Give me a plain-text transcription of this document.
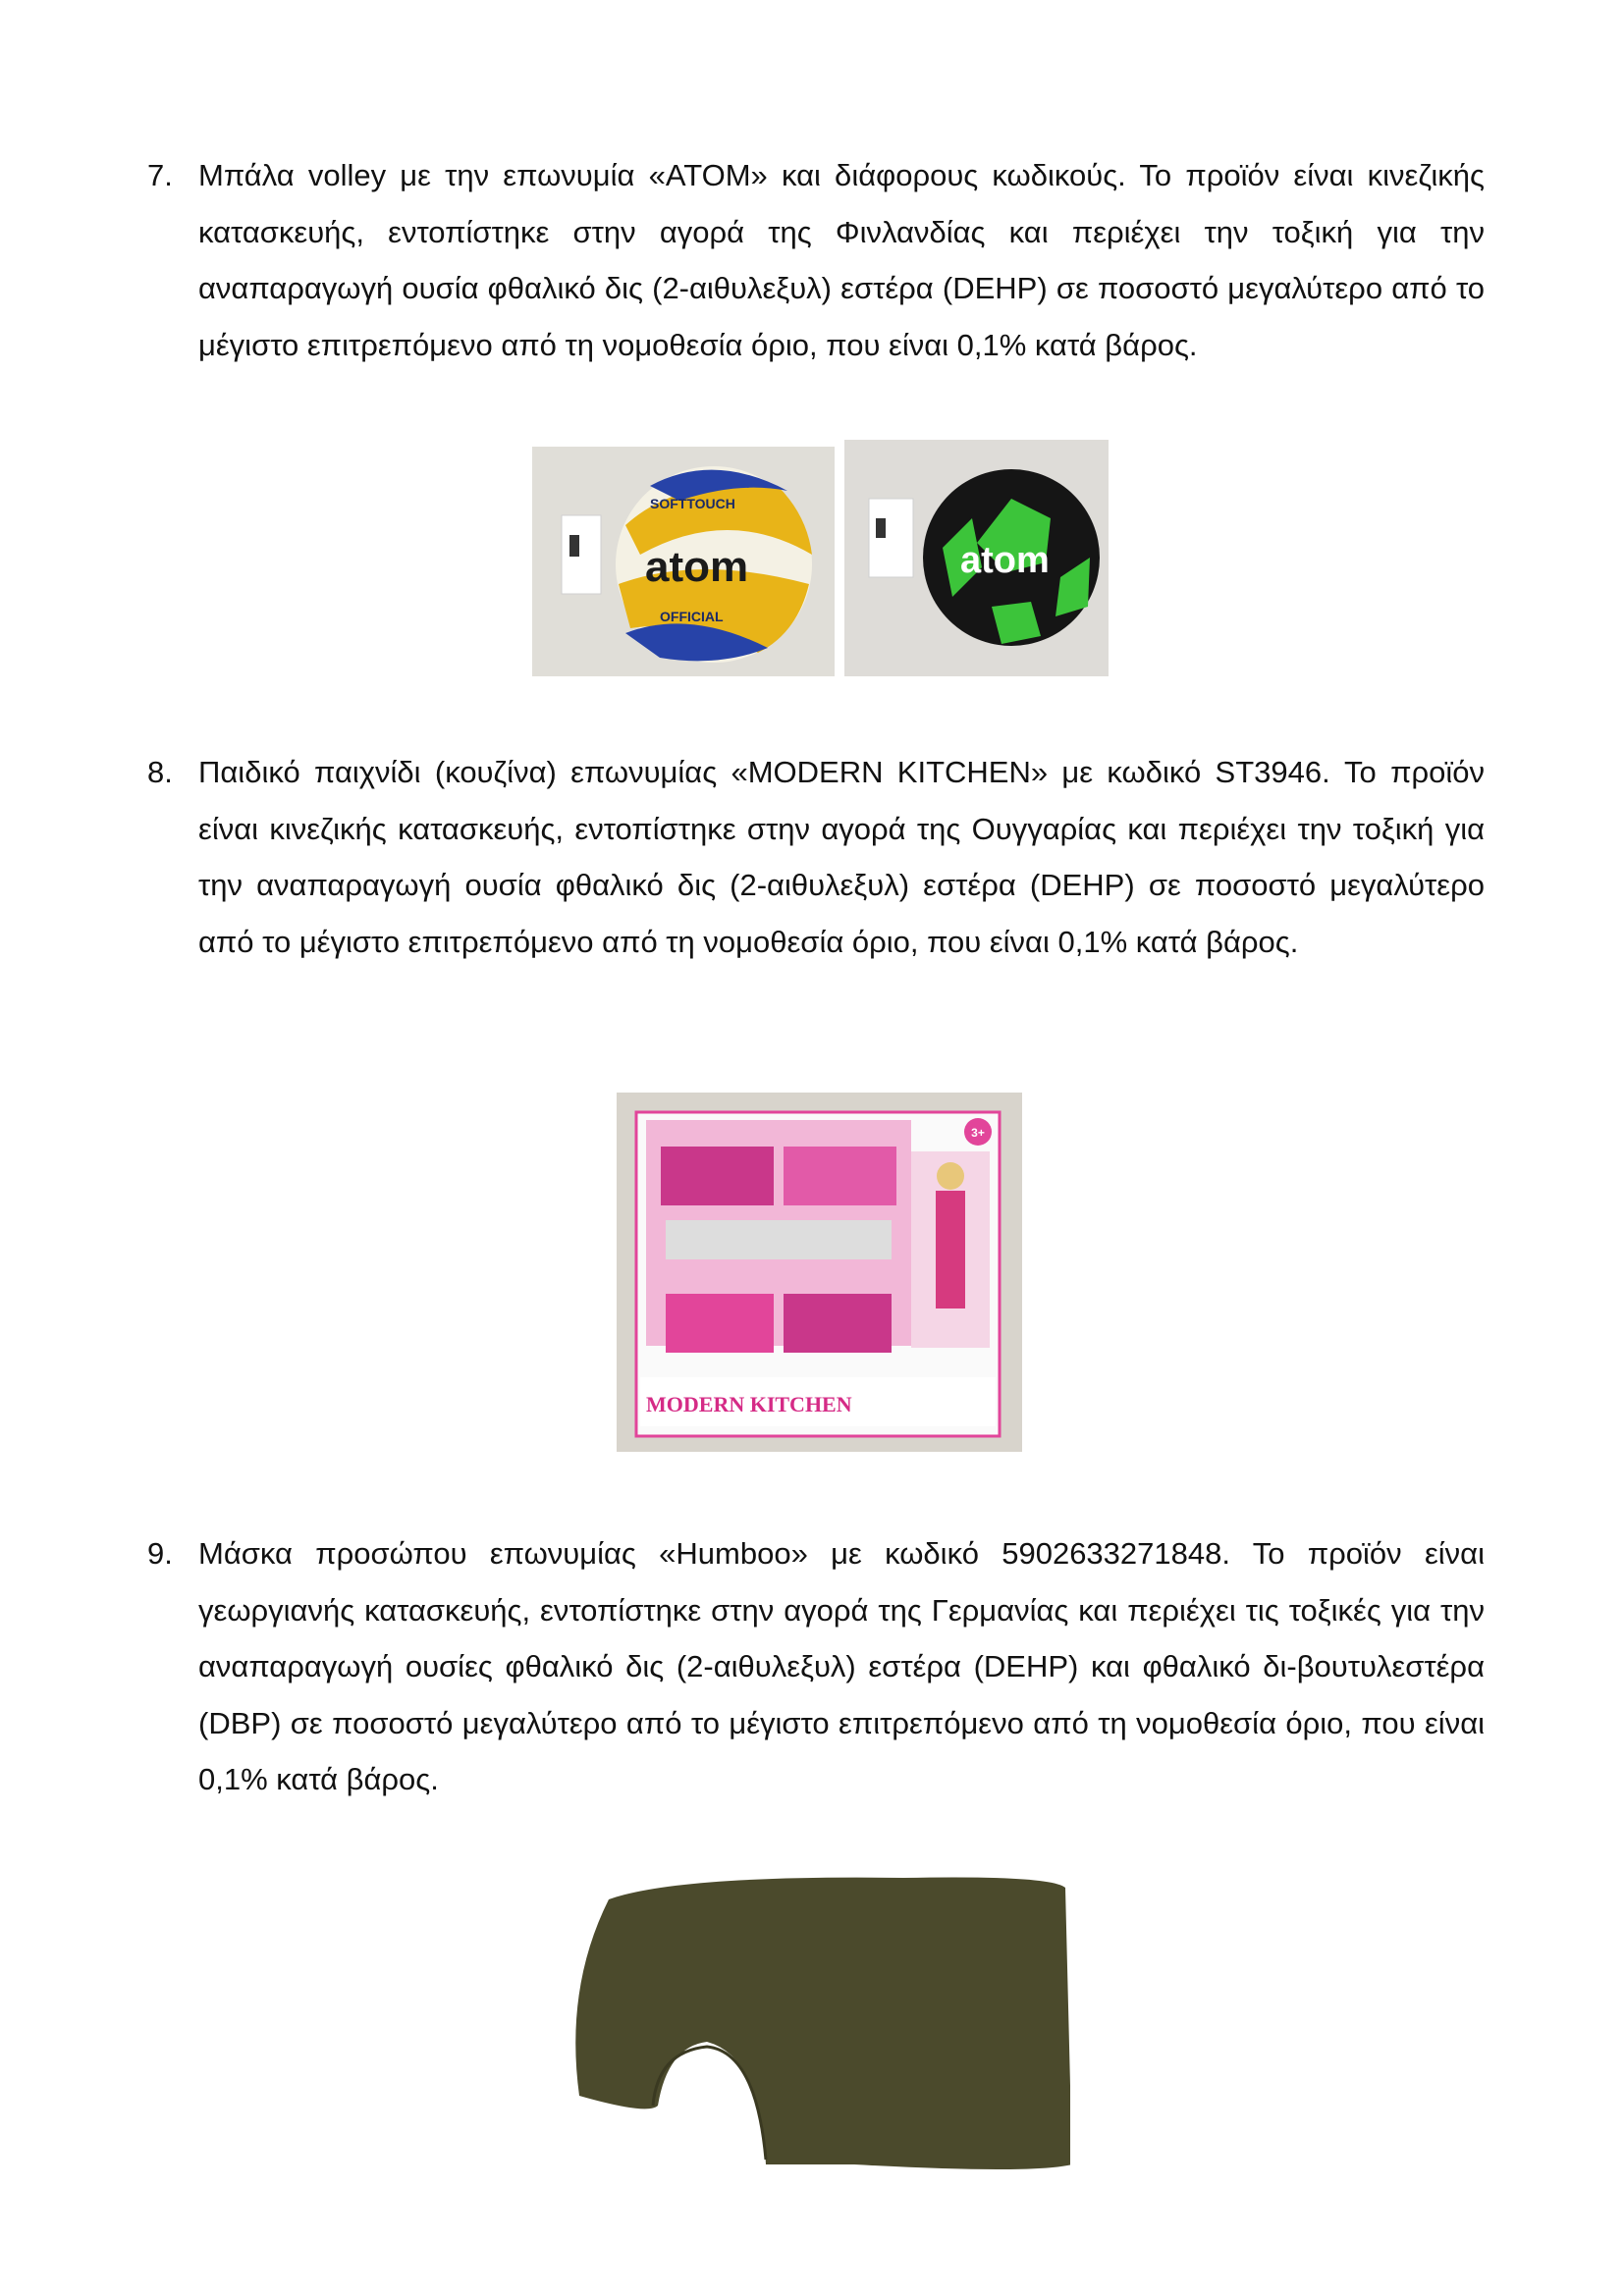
7. Μπάλα volley με την επωνυμία «ATOM» και διάφορους κωδικούς. Το προϊόν είναι κινεζικής κατασκευής, εντοπίστηκε στην αγορά της Φινλανδίας και περιέχει την τοξική για την αναπαραγωγή ουσία φθαλικό δις (2-αιθυλεξυλ) εστέρα (DEHP) σε ποσοστό μεγαλύτερο από το μέγιστο επιτρεπόμενο από τη νομοθεσία όριο, που είναι 0,1% κατά βάρος.

SOFTTOUCH
atom
OFFICIAL
atom
8. Παιδικό παιχνίδι (κουζίνα) επωνυμίας «MODERN KITCHEN» με κωδικό ST3946. Το προϊόν είναι κινεζικής κατασκευής, εντοπίστηκε στην αγορά της Ουγγαρίας και περιέχει την τοξική για την αναπαραγωγή ουσία φθαλικό δις (2-αιθυλεξυλ) εστέρα (DEHP) σε ποσοστό μεγαλύτερο από το μέγιστο επιτρεπόμενο από τη νομοθεσία όριο, που είναι 0,1% κατά βάρος.

3+
MODERN KITCHEN
9. Μάσκα προσώπου επωνυμίας «Humboo» με κωδικό 5902633271848. Το προϊόν είναι γεωργιανής κατασκευής, εντοπίστηκε στην αγορά της Γερμανίας και περιέχει τις τοξικές για την αναπαραγωγή ουσίες φθαλικό δις (2-αιθυλεξυλ) εστέρα (DEHP) και φθαλικό δι-βουτυλεστέρα (DBP) σε ποσοστό μεγαλύτερο από το μέγιστο επιτρεπόμενο από τη νομοθεσία όριο, που είναι 0,1% κατά βάρος.
